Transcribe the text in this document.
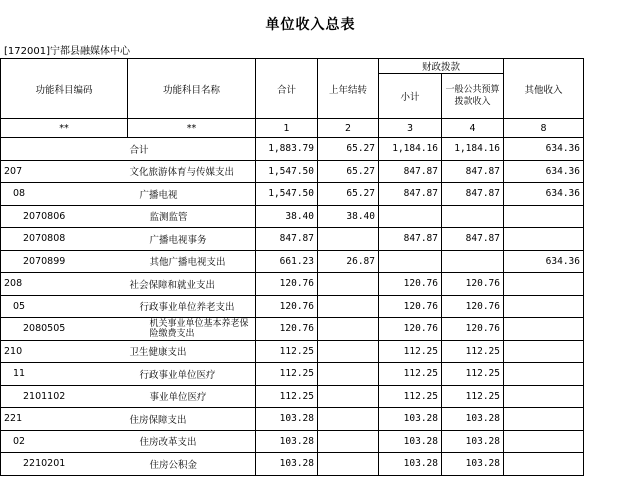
单位收入总表
[172001]宁都县融媒体中心
功能科目编码	功能科目名称	合计	上年结转	财政拨款		其他收入
				小计	一般公共预算拨款收入	
**	**	1	2	3	4	8
	合计	1,883.79	65.27	1,184.16	1,184.16	634.36
207	文化旅游体育与传媒支出	1,547.50	65.27	847.87	847.87	634.36
08	广播电视	1,547.50	65.27	847.87	847.87	634.36
2070806	监测监管	38.40	38.40			
2070808	广播电视事务	847.87		847.87	847.87	
2070899	其他广播电视支出	661.23	26.87			634.36
208	社会保障和就业支出	120.76		120.76	120.76	
05	行政事业单位养老支出	120.76		120.76	120.76	
2080505	机关事业单位基本养老保险缴费支出	120.76		120.76	120.76	
210	卫生健康支出	112.25		112.25	112.25	
11	行政事业单位医疗	112.25		112.25	112.25	
2101102	事业单位医疗	112.25		112.25	112.25	
221	住房保障支出	103.28		103.28	103.28	
02	住房改革支出	103.28		103.28	103.28	
2210201	住房公积金	103.28		103.28	103.28	
